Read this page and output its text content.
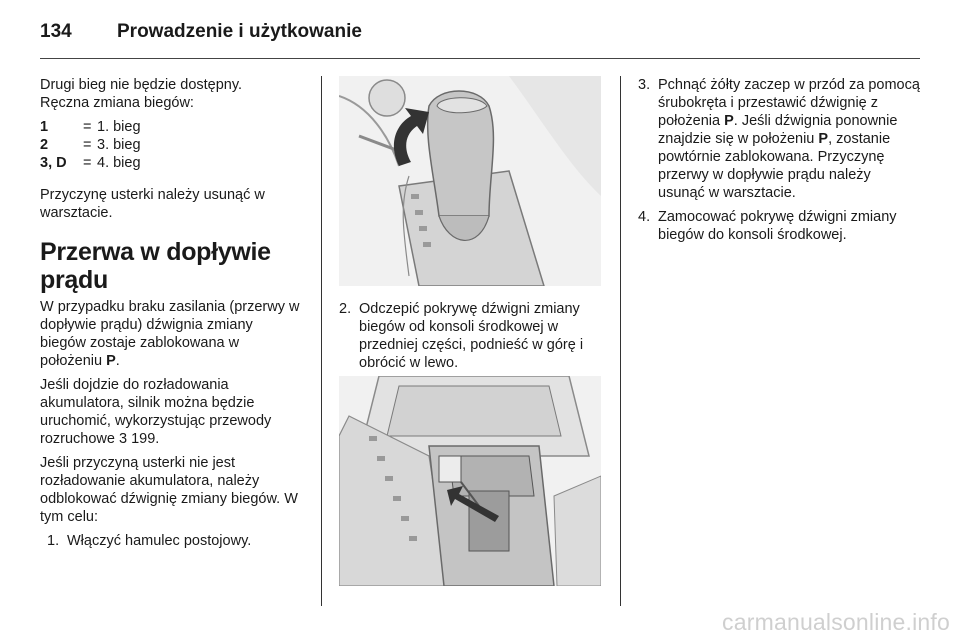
134	Prowadzenie i użytkowanie

Drugi bieg nie będzie dostępny.

Ręczna zmiana biegów:

1	= 1. bieg
2	= 3. bieg
3, D	= 4. bieg

Przyczynę usterki należy usunąć w warsztacie.

Przerwa w dopływie prądu

W przypadku braku zasilania (przerwy w dopływie prądu) dźwignia zmiany biegów zostaje zablokowana w położeniu P.

Jeśli dojdzie do rozładowania akumulatora, silnik można będzie uruchomić, wykorzystując przewody rozruchowe 3 199.

Jeśli przyczyną usterki nie jest rozładowanie akumulatora, należy odblokować dźwignię zmiany biegów. W tym celu:

1. Włączyć hamulec postojowy.
2. Odczepić pokrywę dźwigni zmiany biegów od konsoli środkowej w przedniej części, podnieść w górę i obrócić w lewo.
3. Pchnąć żółty zaczep w przód za pomocą śrubokręta i przestawić dźwignię z położenia P. Jeśli dźwignia ponownie znajdzie się w położeniu P, zostanie powtórnie zablokowana. Przyczynę przerwy w dopływie prądu należy usunąć w warsztacie.
4. Zamocować pokrywę dźwigni zmiany biegów do konsoli środkowej.
carmanualsonline.info
